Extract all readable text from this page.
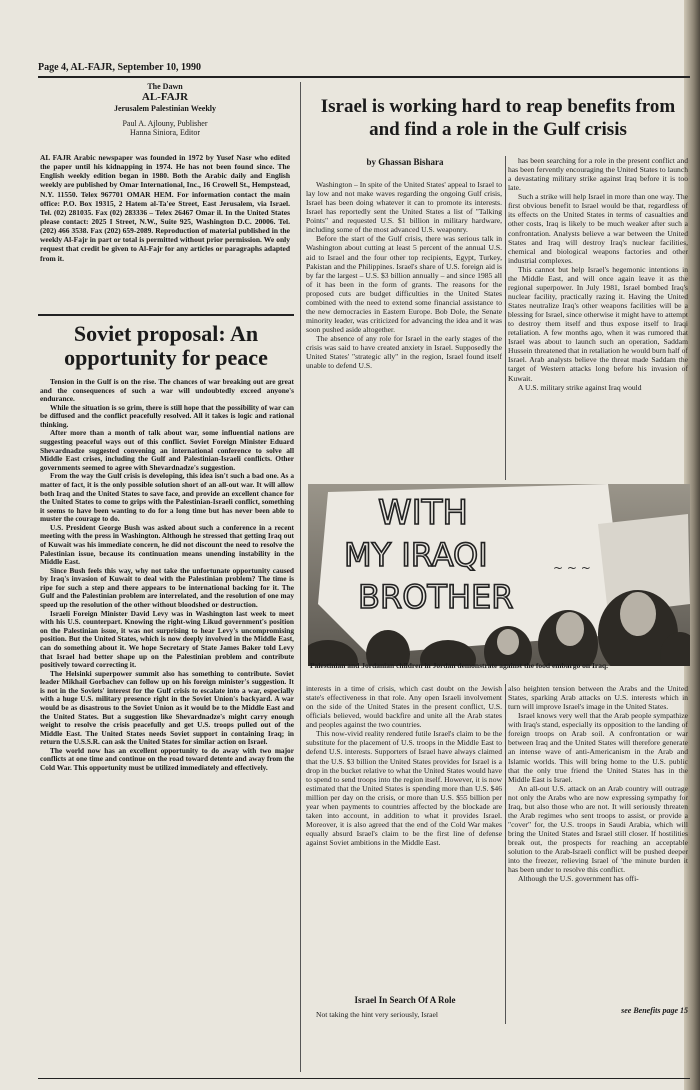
Page 4, AL-FAJR, September 10, 1990
The Dawn
AL-FAJR
Jerusalem Palestinian Weekly
Paul A. Ajlouny, Publisher
Hanna Siniora, Editor
AL FAJR Arabic newspaper was founded in 1972 by Yusef Nasr who edited the paper until his kidnapping in 1974. He has not been found since. The English weekly edition began in 1980. Both the Arabic daily and English weekly are published by Omar International, Inc., 16 Crowell St., Hempstead, N.Y. 11550. Telex 967701 OMAR HEM. For information contact the main office: P.O. Box 19315, 2 Hatem al-Ta'ee Street, East Jerusalem, via Israel. Tel. (02) 281035. Fax (02) 283336 – Telex 26467 Omar il. In the United States please contact: 2025 I Street, N.W., Suite 925, Washington D.C. 20006. Tel. (202) 466 3538. Fax (202) 659-2089. Reproduction of material published in the weekly Al-Fajr in part or total is permitted without prior permission. We only request that credit be given to Al-Fajr for any articles or paragraphs adapted from it.
Soviet proposal: An opportunity for peace

Tension in the Gulf is on the rise. The chances of war breaking out are great and the consequences of such a war will undoubtedly exceed anyone's endurance.

While the situation is so grim, there is still hope that the possibility of war can be diffused and the conflict peacefully resolved. All it takes is logic and rational thinking.

After more than a month of talk about war, some influential nations are suggesting peaceful ways out of this conflict. Soviet Foreign Minister Eduard Shevardnadze suggested convening an international conference to solve all Middle East crises, including the Gulf and Palestinian-Israeli conflicts. Other governments seemed to agree with Shevardnadze's suggestion.

From the way the Gulf crisis is developing, this idea isn't such a bad one. As a matter of fact, it is the only possible solution short of an all-out war. It will allow both Iraq and the United States to save face, and provide an excellent chance for the United States to come to grips with the Palestinian-Israeli conflict, something it seems to have been wanting to do for a long time but has never been able to muster the courage to do.

U.S. President George Bush was asked about such a conference in a recent meeting with the press in Washington. Although he stressed that getting Iraq out of Kuwait was his immediate concern, he did not discount the need to resolve the Palestinian issue, because its continuation means unending instability in the Middle East.

Since Bush feels this way, why not take the unfortunate opportunity caused by Iraq's invasion of Kuwait to deal with the Palestinian problem? The time is ripe for such a step and there appears to be international backing for it. The Gulf and the Palestinian problem are interrelated, and the resolution of one may speed up the resolution of the other without bloodshed or destruction.

Israeli Foreign Minister David Levy was in Washington last week to meet with his U.S. counterpart. Knowing the right-wing Likud government's position on the Palestinian issue, it was not surprising to hear Levy's uncompromising position. But the United States, which is now deeply involved in the Middle East, can do something about it. We hope Secretary of State James Baker told Levy that Israel had better shape up on the Palestinian problem and contribute positively toward correcting it.

The Helsinki superpower summit also has something to contribute. Soviet leader Mikhail Gorbachev can follow up on his foreign minister's suggestion. It is not in the Soviets' interest for the Gulf crisis to escalate into a war, especially with a huge U.S. military presence right in the Soviet Union's backyard. A war would be as disastrous to the Soviet Union as it would be to the Middle East and the United States. But a suggestion like Shevardnadze's might carry enough weight to resolve the crisis peacefully and get U.S. troops pulled out of the Middle East. The United States needs Soviet support in containing Iraq; in return the U.S.S.R. can ask the United States for similar action on Israel.

The world now has an excellent opportunity to do away with two major conflicts at one time and continue on the road toward detente and away from the Cold War. This opportunity must be utilized immediately and effectively.

Israel is working hard to reap benefits from and find a role in the Gulf crisis
by Ghassan Bishara

Washington – In spite of the United States' appeal to Israel to lay low and not make waves regarding the ongoing Gulf crisis, Israel has been doing whatever it can to promote its interests. Israel has reportedly sent the United States a list of "Talking Points" and requested U.S. $1 billion in military hardware, including some of the most advanced U.S. weaponry.

Before the start of the Gulf crisis, there was serious talk in Washington about cutting at least 5 percent of the annual U.S. aid to Israel and the four other top recipients, Egypt, Turkey, Pakistan and the Philippines. Israel's share of U.S. foreign aid is by far the largest – U.S. $3 billion annually – and since 1985 all of it has been in the form of grants. The reasons for the proposed cuts are budget difficulties in the United States combined with the need to extend some financial assistance to the new democracies in Eastern Europe. Bob Dole, the Senate minority leader, was criticized for advancing the idea and it was soon pushed aside altogether.

The absence of any role for Israel in the early stages of the crisis was said to have created anxiety in Israel. Supposedly the United States' "strategic ally" in the region, Israel found itself unable to defend U.S.

has been searching for a role in the present conflict and has been fervently encouraging the United States to launch a devastating military strike against Iraq before it is too late.

Such a strike will help Israel in more than one way. The first obvious benefit to Israel would be that, regardless of its effects on the United States in terms of casualties and other costs, Iraq is likely to be much weaker after such a confrontation. Analysts believe a war between the United States and Iraq will destroy Iraq's nuclear facilities, chemical and biological weapons factories and other industrial complexes.

This cannot but help Israel's hegemonic intentions in the Middle East, and will once again leave it as the regional superpower. In July 1981, Israel bombed Iraq's nuclear facility, practically razing it. Having the United States neutralize Iraq's other weapons facilities will be a blessing for Israel, since otherwise it might have to attempt to destroy them itself and thus expose itself to Iraqi retaliation. A few months ago, when it was rumored that Israel was about to launch such an operation, Saddam Hussein threatened that in retaliation he would burn half of Israel. Arab analysts believe the threat made Saddam the target of Western attacks long before his invasion of Kuwait.

A U.S. military strike against Iraq would

~ ~ ~
WITH
MY IRAQI
BROTHER
Palestinian and Jordanian children in Jordan demonstrate against the food embargo on Iraq.

interests in a time of crisis, which cast doubt on the Jewish state's effectiveness in that role. Any open Israeli involvement on the side of the United States in the present conflict, U.S. officials believed, would backfire and unite all the Arab states and peoples against the two countries.

This now-vivid reality rendered futile Israel's claim to be the substitute for the placement of U.S. troops in the Middle East to defend U.S. interests. Supporters of Israel have always claimed that the U.S. $3 billion the United States provides for Israel is a drop in the bucket relative to what the United States would have to spend to send troops into the region itself. However, it is now estimated that the United States is spending more than U.S. $46 million per day on the crisis, or more than U.S. $55 billion per year when payments to countries affected by the blockade are taken into account, in addition to what it provides Israel. Moreover, it is also agreed that the end of the Cold War makes equally absurd Israel's claim to be the first line of defense against Soviet ambitions in the Middle East.

Israel In Search Of A Role

Not taking the hint very seriously, Israel

also heighten tension between the Arabs and the United States, sparking Arab attacks on U.S. interests which in turn will improve Israel's image in the United States.

Israel knows very well that the Arab people sympathize with Iraq's stand, especially its opposition to the landing of foreign troops on Arab soil. A confrontation or war between Iraq and the United States will therefore generate an intense wave of anti-Americanism in the Arab and Islamic worlds. This will bring home to the U.S. public that the only true friend the United States has in the Middle East is Israel.

An all-out U.S. attack on an Arab country will outrage not only the Arabs who are now expressing sympathy for Iraq, but also those who are not. It will seriously threaten the Arab regimes who sent troops to assist, or provide a "cover" for, the U.S. troops in Saudi Arabia, which will bring the United States and Israel still closer. If hostilities break out, the prospects for reaching an acceptable solution to the Arab-Israeli conflict will be pushed deeper into the freezer, relieving Israel of 'the minute burden it has been under to resolve this conflict.

Although the U.S. government has offi-

see Benefits page 15
